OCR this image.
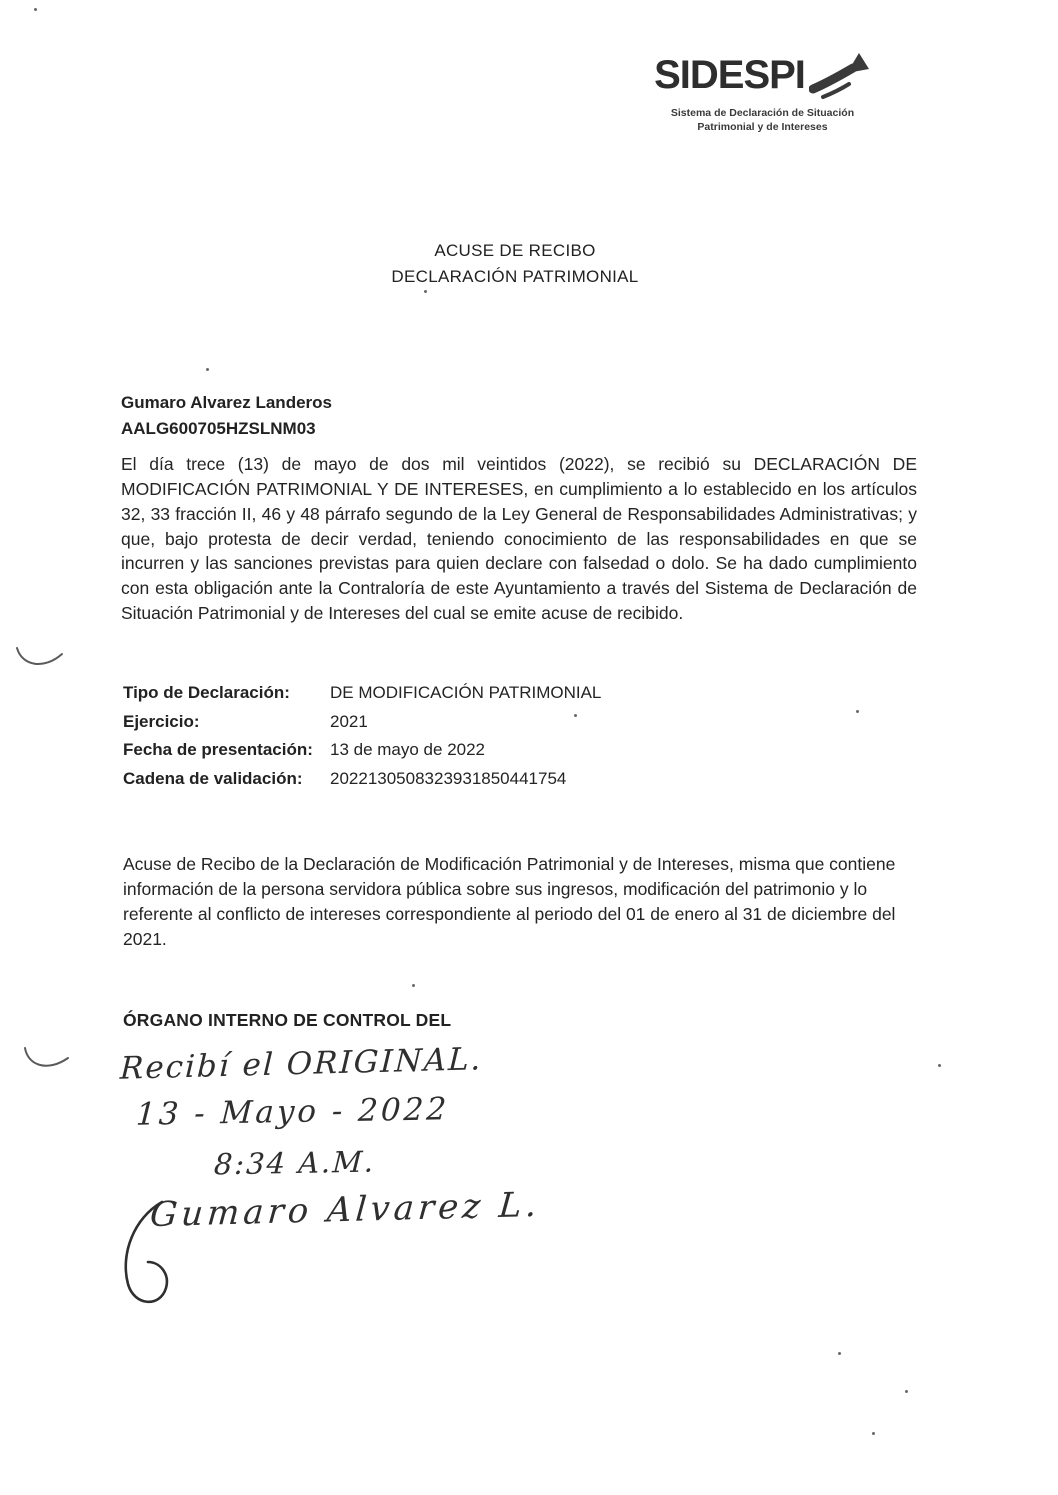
SIDESPI
Sistema de Declaración de Situación
Patrimonial y de Intereses
ACUSE DE RECIBO
DECLARACIÓN PATRIMONIAL
Gumaro Alvarez Landeros
AALG600705HZSLNM03
El día trece (13) de mayo de dos mil veintidos (2022), se recibió su DECLARACIÓN DE MODIFICACIÓN PATRIMONIAL Y DE INTERESES, en cumplimiento a lo establecido en los artículos 32, 33 fracción II, 46 y 48 párrafo segundo de la Ley General de Responsabilidades Administrativas; y que, bajo protesta de decir verdad, teniendo conocimiento de las responsabilidades en que se incurren y las sanciones previstas para quien declare con falsedad o dolo. Se ha dado cumplimiento con esta obligación ante la Contraloría de este Ayuntamiento a través del Sistema de Declaración de Situación Patrimonial y de Intereses del cual se emite acuse de recibido.
Tipo de Declaración:	DE MODIFICACIÓN PATRIMONIAL
Ejercicio:	2021
Fecha de presentación:	13 de mayo de 2022
Cadena de validación:	2022130508323931850441754
Acuse de Recibo de la Declaración de Modificación Patrimonial y de Intereses, misma que contiene información de la persona servidora pública sobre sus ingresos, modificación del patrimonio y lo referente al conflicto de intereses correspondiente al periodo del 01 de enero al 31 de diciembre del 2021.
ÓRGANO INTERNO DE CONTROL DEL
Recibí el ORIGINAL.
13 - Mayo - 2022
8:34 A.M.
Gumaro Alvarez L.
